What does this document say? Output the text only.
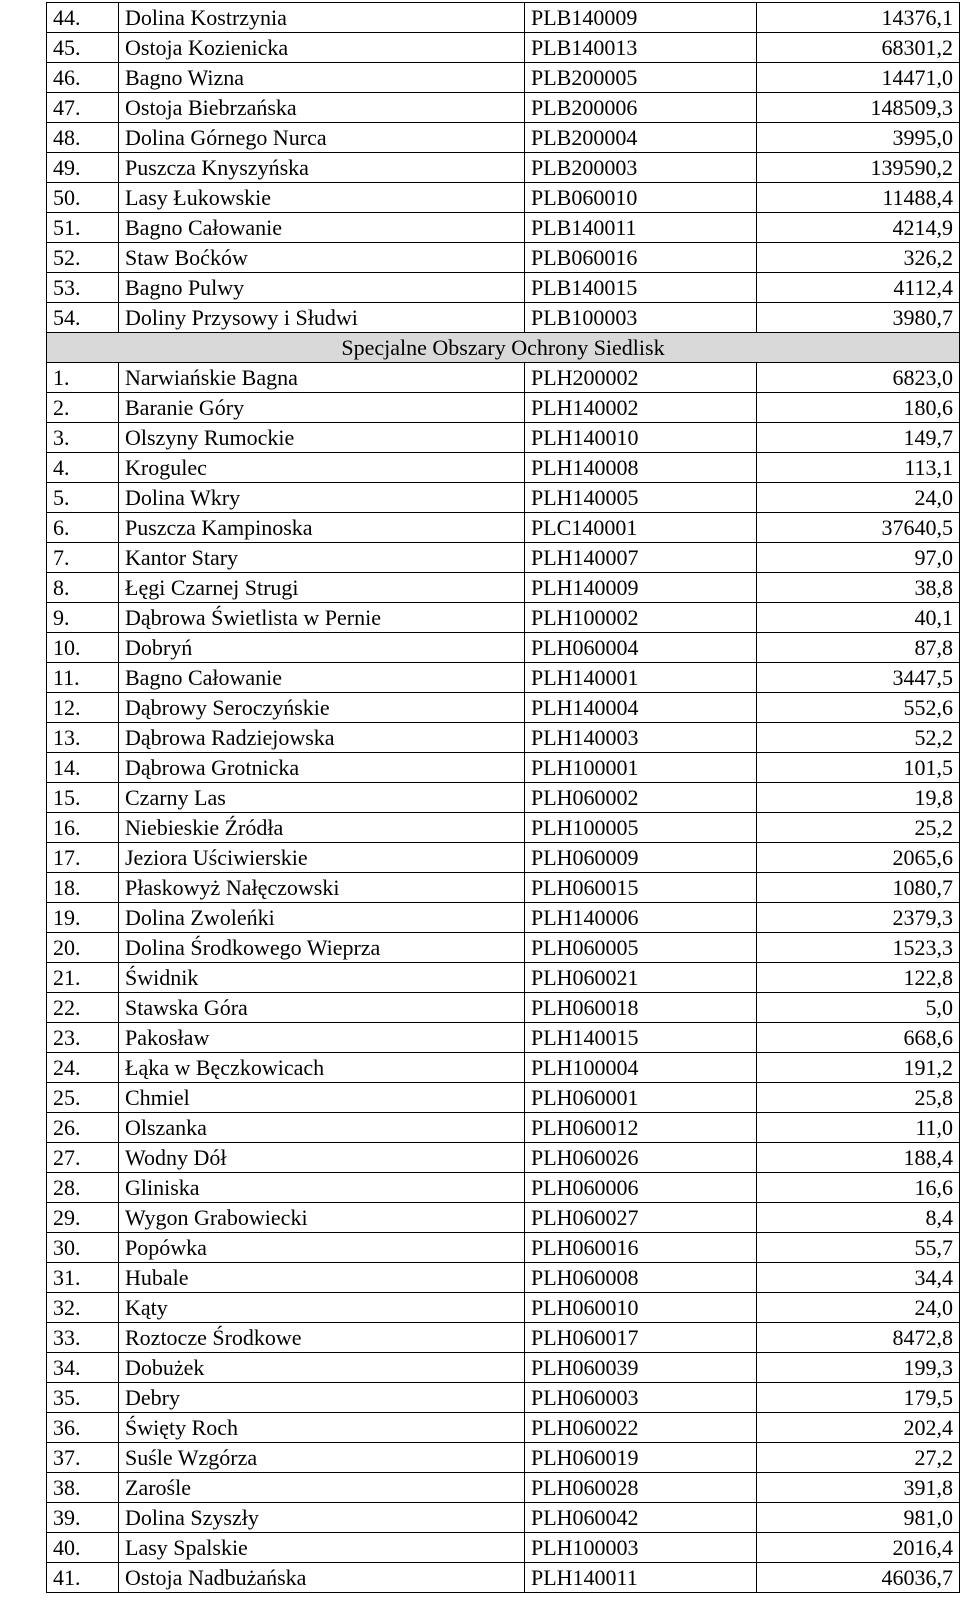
44.	Dolina Kostrzynia	PLB140009	14376,1
45.	Ostoja Kozienicka	PLB140013	68301,2
46.	Bagno Wizna	PLB200005	14471,0
47.	Ostoja Biebrzańska	PLB200006	148509,3
48.	Dolina Górnego Nurca	PLB200004	3995,0
49.	Puszcza Knyszyńska	PLB200003	139590,2
50.	Lasy Łukowskie	PLB060010	11488,4
51.	Bagno Całowanie	PLB140011	4214,9
52.	Staw Boćków	PLB060016	326,2
53.	Bagno Pulwy	PLB140015	4112,4
54.	Doliny Przysowy i Słudwi	PLB100003	3980,7
Specjalne Obszary Ochrony Siedlisk			
1.	Narwiańskie Bagna	PLH200002	6823,0
2.	Baranie Góry	PLH140002	180,6
3.	Olszyny Rumockie	PLH140010	149,7
4.	Krogulec	PLH140008	113,1
5.	Dolina Wkry	PLH140005	24,0
6.	Puszcza Kampinoska	PLC140001	37640,5
7.	Kantor Stary	PLH140007	97,0
8.	Łęgi Czarnej Strugi	PLH140009	38,8
9.	Dąbrowa Świetlista w Pernie	PLH100002	40,1
10.	Dobryń	PLH060004	87,8
11.	Bagno Całowanie	PLH140001	3447,5
12.	Dąbrowy Seroczyńskie	PLH140004	552,6
13.	Dąbrowa Radziejowska	PLH140003	52,2
14.	Dąbrowa Grotnicka	PLH100001	101,5
15.	Czarny Las	PLH060002	19,8
16.	Niebieskie Źródła	PLH100005	25,2
17.	Jeziora Uściwierskie	PLH060009	2065,6
18.	Płaskowyż Nałęczowski	PLH060015	1080,7
19.	Dolina Zwoleńki	PLH140006	2379,3
20.	Dolina Środkowego Wieprza	PLH060005	1523,3
21.	Świdnik	PLH060021	122,8
22.	Stawska Góra	PLH060018	5,0
23.	Pakosław	PLH140015	668,6
24.	Łąka w Bęczkowicach	PLH100004	191,2
25.	Chmiel	PLH060001	25,8
26.	Olszanka	PLH060012	11,0
27.	Wodny Dół	PLH060026	188,4
28.	Gliniska	PLH060006	16,6
29.	Wygon Grabowiecki	PLH060027	8,4
30.	Popówka	PLH060016	55,7
31.	Hubale	PLH060008	34,4
32.	Kąty	PLH060010	24,0
33.	Roztocze Środkowe	PLH060017	8472,8
34.	Dobużek	PLH060039	199,3
35.	Debry	PLH060003	179,5
36.	Święty Roch	PLH060022	202,4
37.	Suśle Wzgórza	PLH060019	27,2
38.	Zarośle	PLH060028	391,8
39.	Dolina Szyszły	PLH060042	981,0
40.	Lasy Spalskie	PLH100003	2016,4
41.	Ostoja Nadbużańska	PLH140011	46036,7
